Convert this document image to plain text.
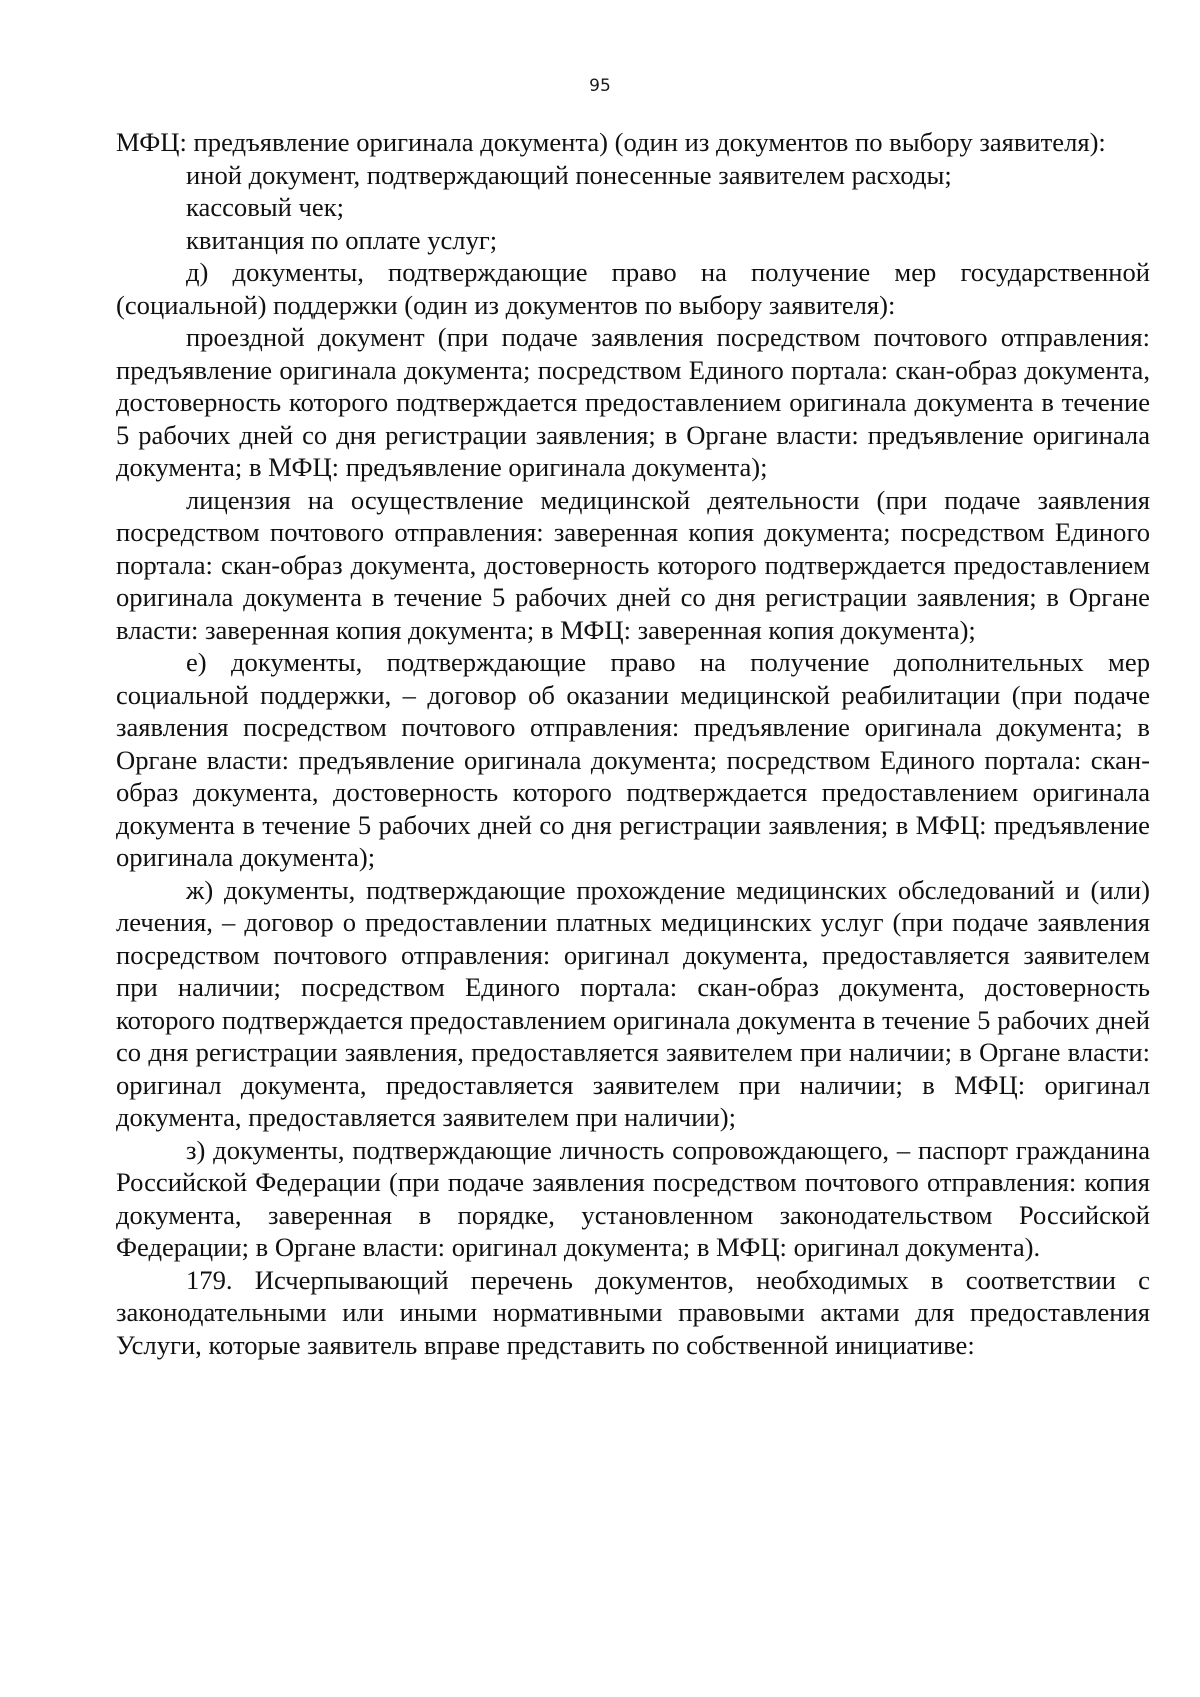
95

МФЦ: предъявление оригинала документа) (один из документов по выбору заявителя):

иной документ, подтверждающий понесенные заявителем расходы;

кассовый чек;

квитанция по оплате услуг;

д) документы, подтверждающие право на получение мер государственной (социальной) поддержки (один из документов по выбору заявителя):

проездной документ (при подаче заявления посредством почтового отправления: предъявление оригинала документа; посредством Единого портала: скан-образ документа, достоверность которого подтверждается предоставлением оригинала документа в течение 5 рабочих дней со дня регистрации заявления; в Органе власти: предъявление оригинала документа; в МФЦ: предъявление оригинала документа);

лицензия на осуществление медицинской деятельности (при подаче заявления посредством почтового отправления: заверенная копия документа; посредством Единого портала: скан-образ документа, достоверность которого подтверждается предоставлением оригинала документа в течение 5 рабочих дней со дня регистрации заявления; в Органе власти: заверенная копия документа; в МФЦ: заверенная копия документа);

е) документы, подтверждающие право на получение дополнительных мер социальной поддержки, – договор об оказании медицинской реабилитации (при подаче заявления посредством почтового отправления: предъявление оригинала документа; в Органе власти: предъявление оригинала документа; посредством Единого портала: скан-образ документа, достоверность которого подтверждается предоставлением оригинала документа в течение 5 рабочих дней со дня регистрации заявления; в МФЦ: предъявление оригинала документа);

ж) документы, подтверждающие прохождение медицинских обследований и (или) лечения, – договор о предоставлении платных медицинских услуг (при подаче заявления посредством почтового отправления: оригинал документа, предоставляется заявителем при наличии; посредством Единого портала: скан-образ документа, достоверность которого подтверждается предоставлением оригинала документа в течение 5 рабочих дней со дня регистрации заявления, предоставляется заявителем при наличии; в Органе власти: оригинал документа, предоставляется заявителем при наличии; в МФЦ: оригинал документа, предоставляется заявителем при наличии);

з) документы, подтверждающие личность сопровождающего, – паспорт гражданина Российской Федерации (при подаче заявления посредством почтового отправления: копия документа, заверенная в порядке, установленном законодательством Российской Федерации; в Органе власти: оригинал документа; в МФЦ: оригинал документа).

179. Исчерпывающий перечень документов, необходимых в соответствии с законодательными или иными нормативными правовыми актами для предоставления Услуги, которые заявитель вправе представить по собственной инициативе:
